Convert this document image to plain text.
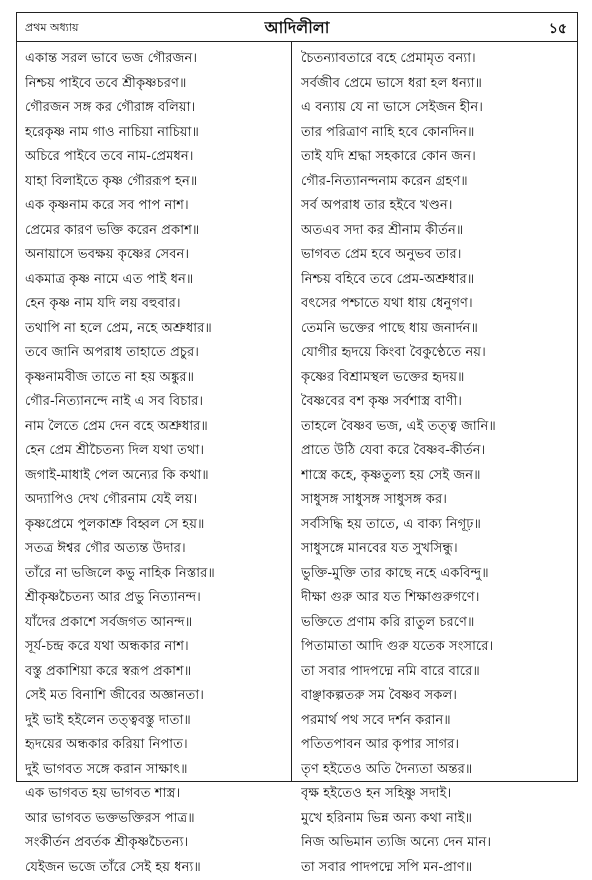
প্রথম অধ্যায়	আদিলীলা	১৫
একান্ত সরল ভাবে ভজ গৌরজন।
নিশ্চয় পাইবে তবে শ্রীকৃষ্ণচরণ॥
গৌরজন সঙ্গ কর গৌরাঙ্গ বলিয়া।
হরেকৃষ্ণ নাম গাও নাচিয়া নাচিয়া॥
অচিরে পাইবে তবে নাম-প্রেমধন।
যাহা বিলাইতে কৃষ্ণ গৌররূপ হন॥
এক কৃষ্ণনাম করে সব পাপ নাশ।
প্রেমের কারণ ভক্তি করেন প্রকাশ॥
অনায়াসে ভবক্ষয় কৃষ্ণের সেবন।
একমাত্র কৃষ্ণ নামে এত পাই ধন॥
হেন কৃষ্ণ নাম যদি লয় বহুবার।
তথাপি না হলে প্রেম, নহে অশ্রুধার॥
তবে জানি অপরাধ তাহাতে প্রচুর।
কৃষ্ণনামবীজ তাতে না হয় অঙ্কুর॥
গৌর-নিত্যানন্দে নাই এ সব বিচার।
নাম লৈতে প্রেম দেন বহে অশ্রুধার॥
হেন প্রেম শ্রীচৈতন্য দিল যথা তথা।
জগাই-মাধাই পেল অন্যের কি কথা॥
অদ্যাপিও দেখ গৌরনাম যেই লয়।
কৃষ্ণপ্রেমে পুলকাশ্রু বিহ্বল সে হয়॥
সতত্র ঈশ্বর গৌর অত্যন্ত উদার।
তাঁরে না ভজিলে কভু নাহিক নিস্তার॥
শ্রীকৃষ্ণচৈতন্য আর প্রভু নিত্যানন্দ।
যাঁদের প্রকাশে সর্বজগত আনন্দ॥
সূর্য-চন্দ্র করে যথা অন্ধকার নাশ।
বস্তু প্রকাশিয়া করে স্বরূপ প্রকাশ॥
সেই মত বিনাশি জীবের অজ্ঞানতা।
দুই ভাই হইলেন তত্ত্ববস্তু দাতা॥
হৃদয়ের অন্ধকার করিয়া নিপাত।
দুই ভাগবত সঙ্গে করান সাক্ষাৎ॥
এক ভাগবত হয় ভাগবত শাস্ত্র।
আর ভাগবত ভক্তভক্তিরস পাত্র॥
সংকীর্তন প্রবর্তক শ্রীকৃষ্ণচৈতন্য।
যেইজন ভজে তাঁরে সেই হয় ধন্য॥
চৈতন্যাবতারে বহে প্রেমামৃত বন্যা।
সর্বজীব প্রেমে ভাসে ধরা হল ধন্যা॥
এ বন্যায় যে না ভাসে সেইজন হীন।
তার পরিত্রাণ নাহি হবে কোনদিন॥
তাই যদি শ্রদ্ধা সহকারে কোন জন।
গৌর-নিত্যানন্দনাম করেন গ্রহণ॥
সর্ব অপরাধ তার হইবে খণ্ডন।
অতএব সদা কর শ্রীনাম কীর্তন॥
ভাগবত প্রেম হবে অনুভব তার।
নিশ্চয় বহিবে তবে প্রেম-অশ্রুধার॥
বৎসের পশ্চাতে যথা ধায় ধেনুগণ।
তেমনি ভক্তের পাছে ধায় জনার্দন॥
যোগীর হৃদয়ে কিংবা বৈকুণ্ঠেতে নয়।
কৃষ্ণের বিশ্রামস্থল ভক্তের হৃদয়॥
বৈষ্ণবের বশ কৃষ্ণ সর্বশাস্ত্র বাণী।
তাহলে বৈষ্ণব ভজ, এই তত্ত্ব জানি॥
প্রাতে উঠি যেবা করে বৈষ্ণব-কীর্তন।
শাস্ত্রে কহে, কৃষ্ণতুল্য হয় সেই জন॥
সাধুসঙ্গ সাধুসঙ্গ সাধুসঙ্গ কর।
সর্বসিদ্ধি হয় তাতে, এ বাক্য নিগূঢ়॥
সাধুসঙ্গে মানবের যত সুখসিন্ধু।
ভুক্তি-মুক্তি তার কাছে নহে একবিন্দু॥
দীক্ষা গুরু আর যত শিক্ষাগুরুগণে।
ভক্তিতে প্রণাম করি রাতুল চরণে॥
পিতামাতা আদি গুরু যতেক সংসারে।
তা সবার পাদপদ্মে নমি বারে বারে॥
বাঞ্ছাকল্পতরু সম বৈষ্ণব সকল।
পরমার্থ পথ সবে দর্শন করান॥
পতিতপাবন আর কৃপার সাগর।
তৃণ হইতেও অতি দৈন্যতা অন্তর॥
বৃক্ষ হইতেও হন সহিষ্ণু সদাই।
মুখে হরিনাম ভিন্ন অন্য কথা নাই॥
নিজ অভিমান ত্যজি অন্যে দেন মান।
তা সবার পাদপদ্মে সপি মন-প্রাণ॥
